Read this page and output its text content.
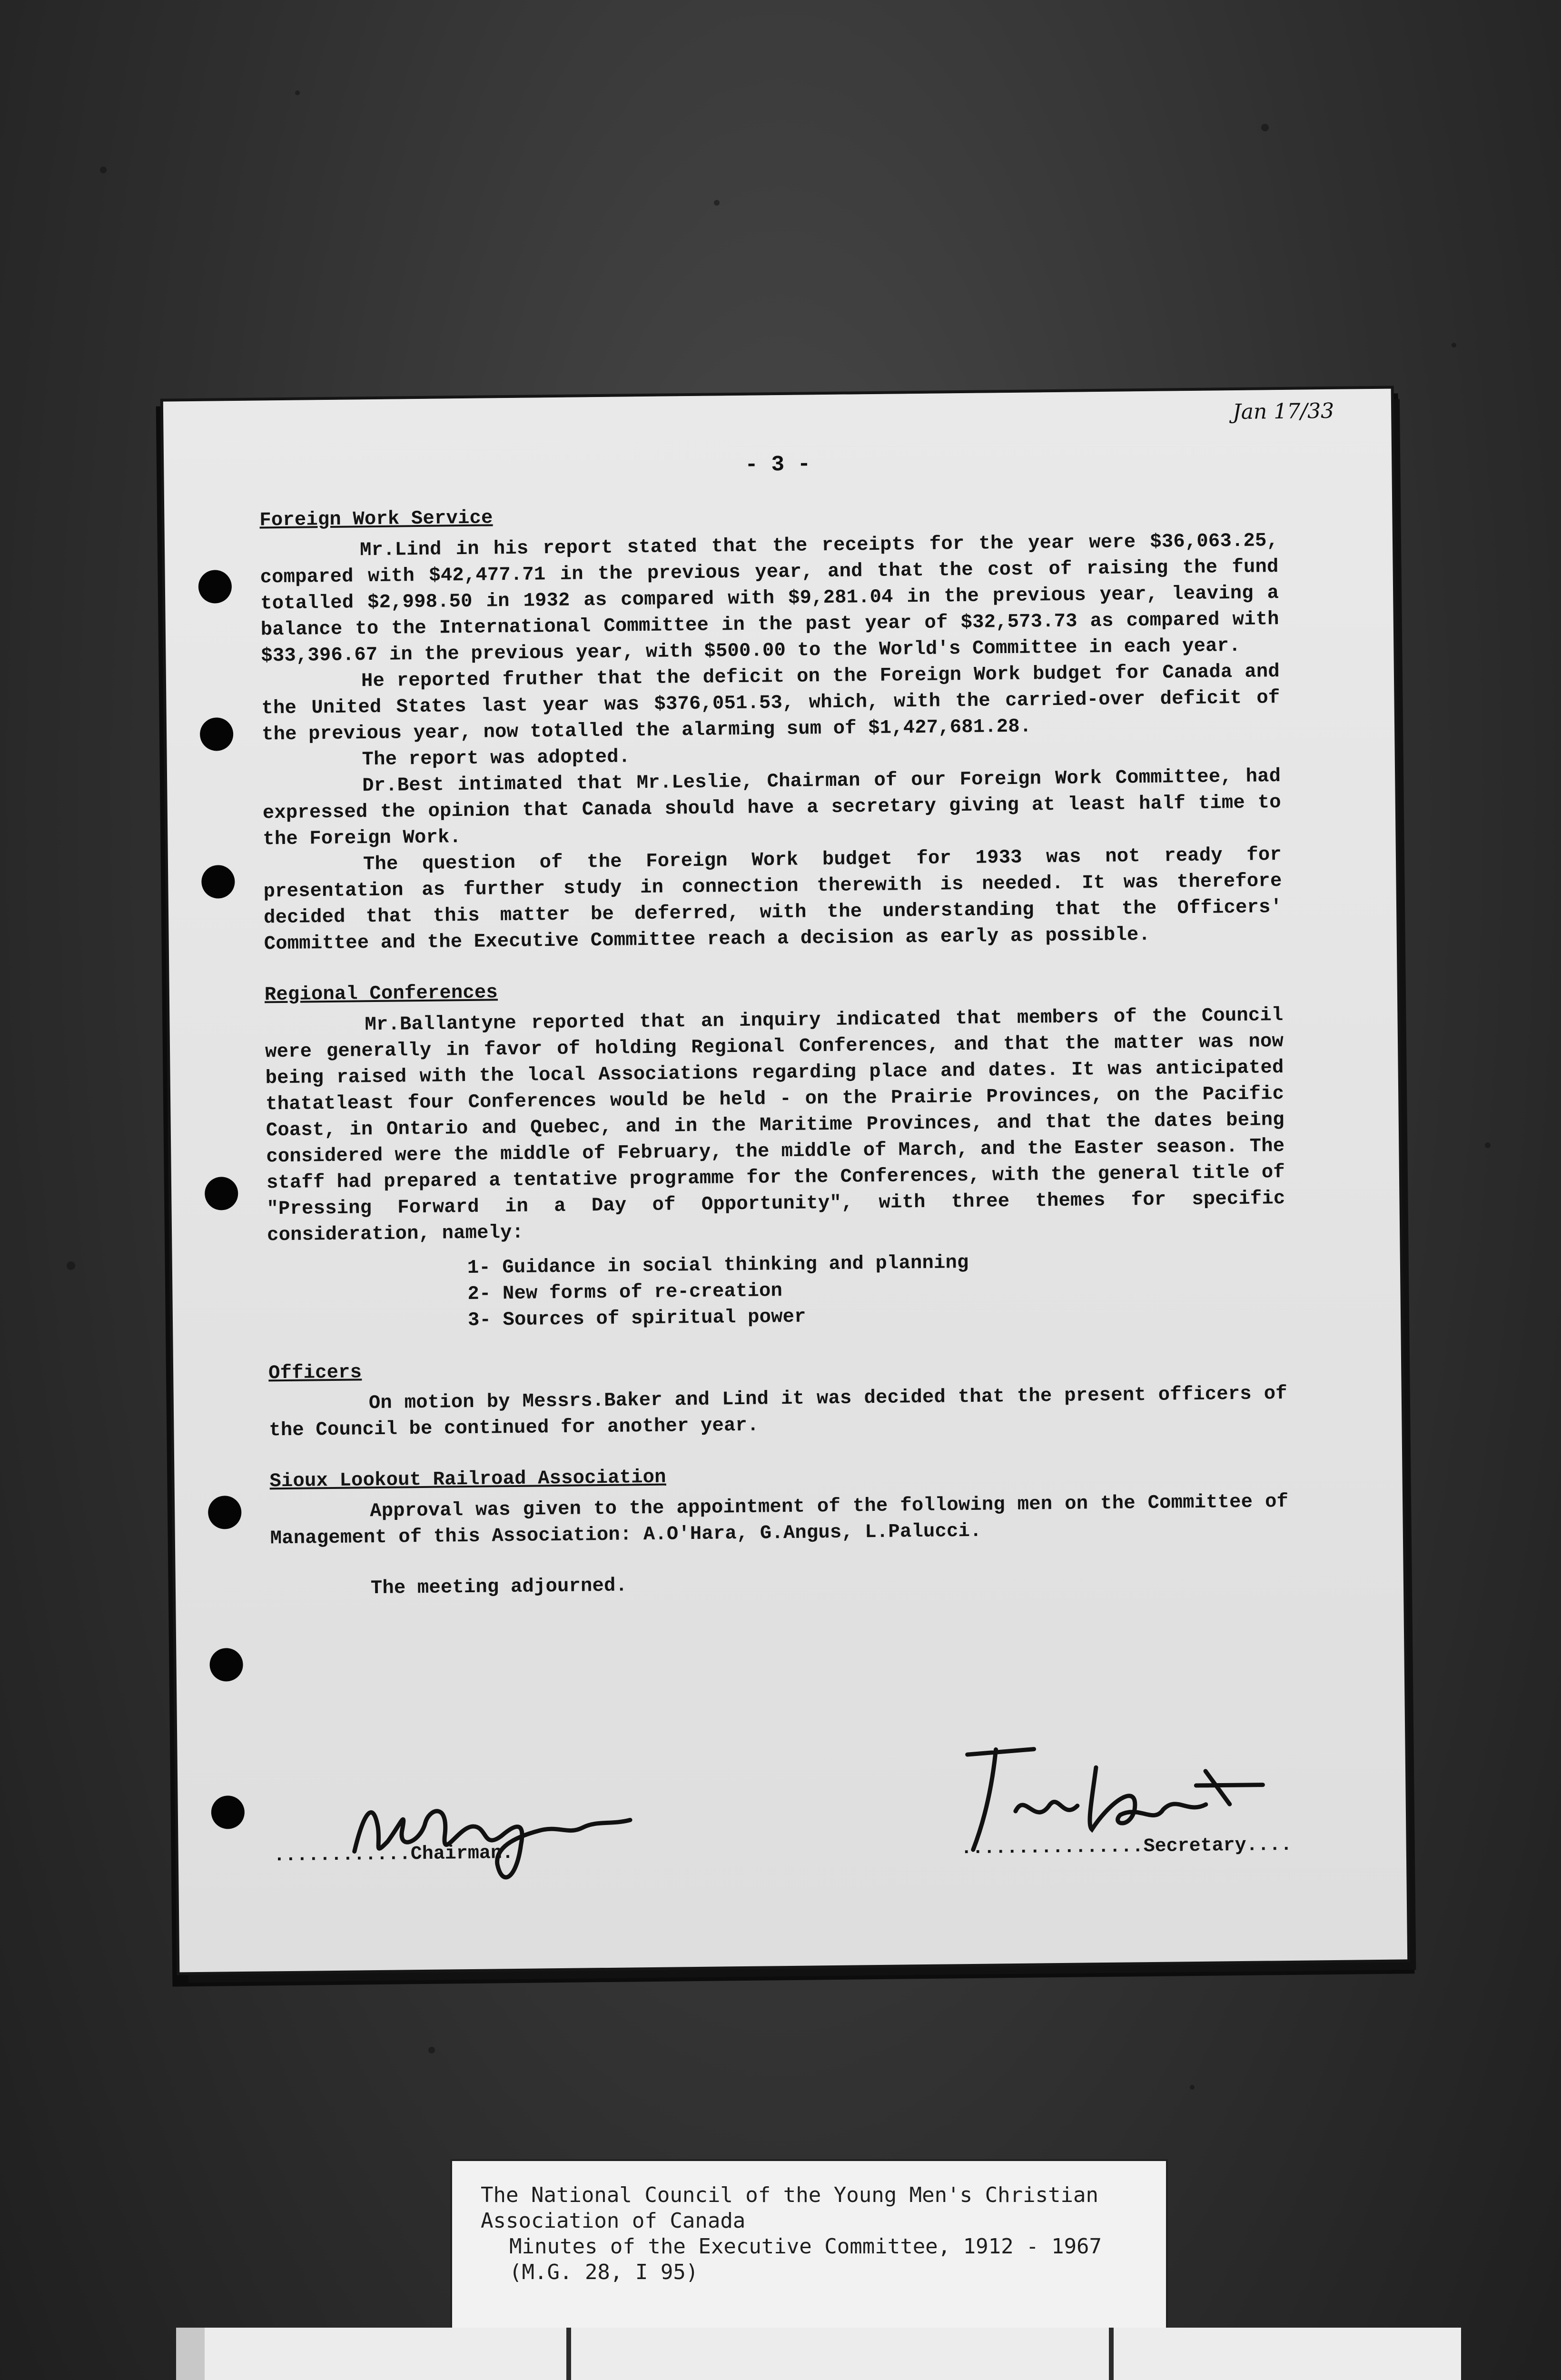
Jan 17/33
- 3 -

Foreign Work Service

Mr.Lind in his report stated that the receipts for the year were $36,063.25, compared with $42,477.71 in the previous year, and that the cost of raising the fund totalled $2,998.50 in 1932 as compared with $9,281.04 in the previous year, leaving a balance to the International Committee in the past year of $32,573.73 as compared with $33,396.67 in the previous year, with $500.00 to the World's Committee in each year.

He reported fruther that the deficit on the Foreign Work budget for Canada and the United States last year was $376,051.53, which, with the carried-over deficit of the previous year, now totalled the alarming sum of $1,427,681.28.

The report was adopted.

Dr.Best intimated that Mr.Leslie, Chairman of our Foreign Work Committee, had expressed the opinion that Canada should have a secretary giving at least half time to the Foreign Work.

The question of the Foreign Work budget for 1933 was not ready for presentation as further study in connection therewith is needed. It was therefore decided that this matter be deferred, with the understanding that the Officers' Committee and the Executive Committee reach a decision as early as possible.

Regional Conferences

Mr.Ballantyne reported that an inquiry indicated that members of the Council were generally in favor of holding Regional Conferences, and that the matter was now being raised with the local Associations regarding place and dates. It was anticipated thatatleast four Conferences would be held - on the Prairie Provinces, on the Pacific Coast, in Ontario and Quebec, and in the Maritime Provinces, and that the dates being considered were the middle of February, the middle of March, and the Easter season. The staff had prepared a tentative programme for the Conferences, with the general title of "Pressing Forward in a Day of Opportunity", with three themes for specific consideration, namely:

1- Guidance in social thinking and planning

2- New forms of re-creation

3- Sources of spiritual power

Officers

On motion by Messrs.Baker and Lind it was decided that the present officers of the Council be continued for another year.

Sioux Lookout Railroad Association

Approval was given to the appointment of the following men on the Committee of Management of this Association: A.O'Hara, G.Angus, L.Palucci.

The meeting adjourned.

............Chairman.	................Secretary....
The National Council of the Young Men's Christian
Association of Canada
Minutes of the Executive Committee, 1912 - 1967
(M.G. 28, I 95)
